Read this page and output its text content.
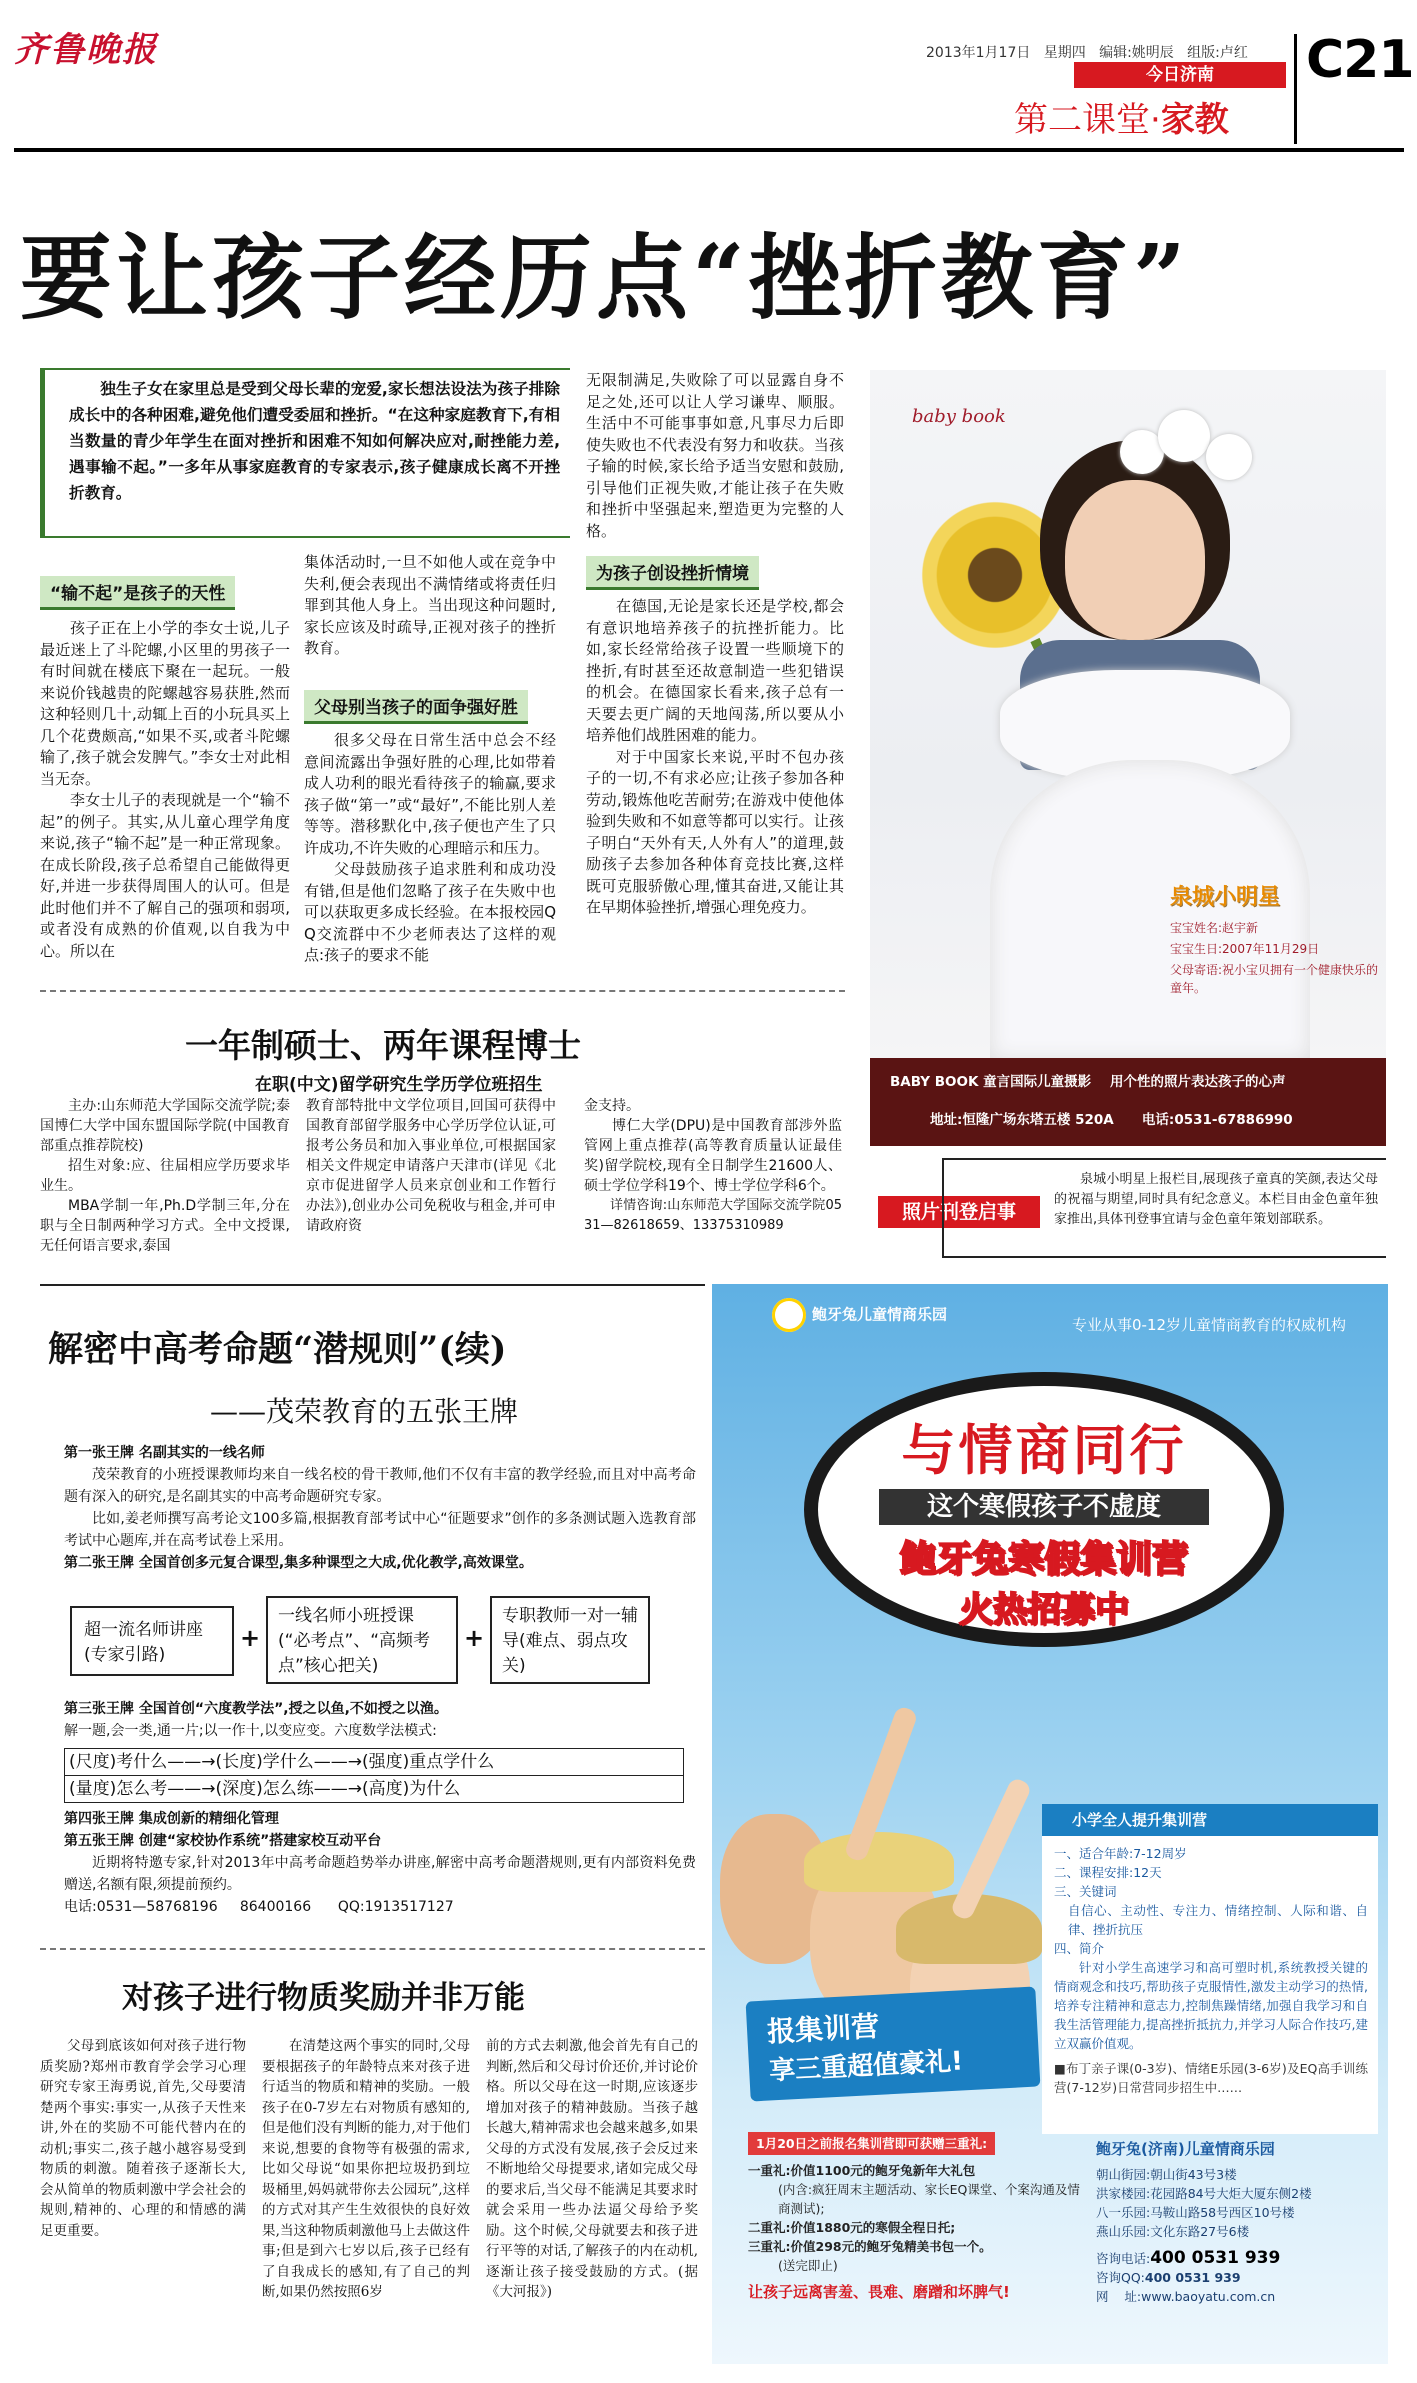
齐鲁晚报	2013年1月17日 星期四 编辑:姚明辰 组版:卢红 C21
今日济南
第二课堂·家教
要让孩子经历点“挫折教育”
独生子女在家里总是受到父母长辈的宠爱,家长想法设法为孩子排除成长中的各种困难,避免他们遭受委屈和挫折。“在这种家庭教育下,有相当数量的青少年学生在面对挫折和困难不知如何解决应对,耐挫能力差,遇事输不起。”一多年从事家庭教育的专家表示,孩子健康成长离不开挫折教育。
“输不起”是孩子的天性

孩子正在上小学的李女士说,儿子最近迷上了斗陀螺,小区里的男孩子一有时间就在楼底下聚在一起玩。一般来说价钱越贵的陀螺越容易获胜,然而这种轻则几十,动辄上百的小玩具买上几个花费颇高,“如果不买,或者斗陀螺输了,孩子就会发脾气。”李女士对此相当无奈。

李女士儿子的表现就是一个“输不起”的例子。其实,从儿童心理学角度来说,孩子“输不起”是一种正常现象。在成长阶段,孩子总希望自己能做得更好,并进一步获得周围人的认可。但是此时他们并不了解自己的强项和弱项,或者没有成熟的价值观,以自我为中心。所以在

集体活动时,一旦不如他人或在竞争中失利,便会表现出不满情绪或将责任归罪到其他人身上。当出现这种问题时,家长应该及时疏导,正视对孩子的挫折教育。

父母别当孩子的面争强好胜

很多父母在日常生活中总会不经意间流露出争强好胜的心理,比如带着成人功利的眼光看待孩子的输赢,要求孩子做“第一”或“最好”,不能比别人差等等。潜移默化中,孩子便也产生了只许成功,不许失败的心理暗示和压力。

父母鼓励孩子追求胜利和成功没有错,但是他们忽略了孩子在失败中也可以获取更多成长经验。在本报校园QQ交流群中不少老师表达了这样的观点:孩子的要求不能

无限制满足,失败除了可以显露自身不足之处,还可以让人学习谦卑、顺服。生活中不可能事事如意,凡事尽力后即使失败也不代表没有努力和收获。当孩子输的时候,家长给予适当安慰和鼓励,引导他们正视失败,才能让孩子在失败和挫折中坚强起来,塑造更为完整的人格。

为孩子创设挫折情境

在德国,无论是家长还是学校,都会有意识地培养孩子的抗挫折能力。比如,家长经常给孩子设置一些顺境下的挫折,有时甚至还故意制造一些犯错误的机会。在德国家长看来,孩子总有一天要去更广阔的天地闯荡,所以要从小培养他们战胜困难的能力。

对于中国家长来说,平时不包办孩子的一切,不有求必应;让孩子参加各种劳动,锻炼他吃苦耐劳;在游戏中使他体验到失败和不如意等都可以实行。让孩子明白“天外有天,人外有人”的道理,鼓励孩子去参加各种体育竞技比赛,这样既可克服骄傲心理,懂其奋进,又能让其在早期体验挫折,增强心理免疫力。

baby book
泉城小明星
宝宝姓名:赵宇新
宝宝生日:2007年11月29日
父母寄语:祝小宝贝拥有一个健康快乐的童年。
BABY BOOK 童言国际儿童摄影    用个性的照片表达孩子的心声
地址:恒隆广场东塔五楼 520A      电话:0531-67886990
照片刊登启事
泉城小明星上报栏目,展现孩子童真的笑颜,表达父母的祝福与期望,同时具有纪念意义。本栏目由金色童年独家推出,具体刊登事宜请与金色童年策划部联系。
一年制硕士、两年课程博士
在职(中文)留学研究生学历学位班招生

主办:山东师范大学国际交流学院;泰国博仁大学中国东盟国际学院(中国教育部重点推荐院校)

招生对象:应、往届相应学历要求毕业生。

MBA学制一年,Ph.D学制三年,分在职与全日制两种学习方式。全中文授课,无任何语言要求,泰国

教育部特批中文学位项目,回国可获得中国教育部留学服务中心学历学位认证,可报考公务员和加入事业单位,可根据国家相关文件规定申请落户天津市(详见《北京市促进留学人员来京创业和工作暂行办法》),创业办公司免税收与租金,并可申请政府资

金支持。

博仁大学(DPU)是中国教育部涉外监管网上重点推荐(高等教育质量认证最佳奖)留学院校,现有全日制学生21600人、硕士学位学科19个、博士学位学科6个。

详情咨询:山东师范大学国际交流学院0531—82618659、13375310989

解密中高考命题“潜规则”(续)
——茂荣教育的五张王牌
第一张王牌 名副其实的一线名师

茂荣教育的小班授课教师均来自一线名校的骨干教师,他们不仅有丰富的教学经验,而且对中高考命题有深入的研究,是名副其实的中高考命题研究专家。

比如,姜老师撰写高考论文100多篇,根据教育部考试中心“征题要求”创作的多条测试题入选教育部考试中心题库,并在高考试卷上采用。

第二张王牌 全国首创多元复合课型,集多种课型之大成,优化教学,高效课堂。
超一流名师讲座(专家引路)
+
一线名师小班授课(“必考点”、“高频考点”核心把关)
+
专职教师一对一辅导(难点、弱点攻关)
第三张王牌 全国首创“六度教学法”,授之以鱼,不如授之以渔。
解一题,会一类,通一片;以一作十,以变应变。六度数学法模式:
(尺度)考什么——→(长度)学什么——→(强度)重点学什么
(量度)怎么考——→(深度)怎么练——→(高度)为什么
第四张王牌 集成创新的精细化管理
第五张王牌 创建“家校协作系统”搭建家校互动平台

近期将特邀专家,针对2013年中高考命题趋势举办讲座,解密中高考命题潜规则,更有内部资料免费赠送,名额有限,须提前预约。

电话:0531—58768196     86400166      QQ:1913517127
对孩子进行物质奖励并非万能

父母到底该如何对孩子进行物质奖励?郑州市教育学会学习心理研究专家王海勇说,首先,父母要清楚两个事实:事实一,从孩子天性来讲,外在的奖励不可能代替内在的动机;事实二,孩子越小越容易受到物质的刺激。随着孩子逐渐长大,会从简单的物质刺激中学会社会的规则,精神的、心理的和情感的满足更重要。

在清楚这两个事实的同时,父母要根据孩子的年龄特点来对孩子进行适当的物质和精神的奖励。一般孩子在0-7岁左右对物质有感知的,但是他们没有判断的能力,对于他们来说,想要的食物等有极强的需求,比如父母说“如果你把垃圾扔到垃圾桶里,妈妈就带你去公园玩”,这样的方式对其产生生效很快的良好效果,当这种物质刺激他马上去做这件事;但是到六七岁以后,孩子已经有了自我成长的感知,有了自己的判断,如果仍然按照6岁

前的方式去刺激,他会首先有自己的判断,然后和父母讨价还价,并讨论价格。所以父母在这一时期,应该逐步增加对孩子的精神鼓励。当孩子越长越大,精神需求也会越来越多,如果父母的方式没有发展,孩子会反过来不断地给父母提要求,诸如完成父母的要求后,当父母不能满足其要求时就会采用一些办法逼父母给予奖励。这个时候,父母就要去和孩子进行平等的对话,了解孩子的内在动机,逐渐让孩子接受鼓励的方式。(据《大河报》)

鲍牙兔儿童情商乐园
专业从事0-12岁儿童情商教育的权威机构
与情商同行
这个寒假孩子不虚度
鲍牙兔寒假集训营
火热招募中
小学全人提升集训营
一、适合年龄:7-12周岁
二、课程安排:12天
三、关键词
自信心、主动性、专注力、情绪控制、人际和谐、自律、挫折抗压
四、简介

针对小学生高速学习和高可塑时机,系统教授关键的情商观念和技巧,帮助孩子克服情性,激发主动学习的热情,培养专注精神和意志力,控制焦躁情绪,加强自我学习和自我生活管理能力,提高挫折抵抗力,并学习人际合作技巧,建立双赢价值观。

■布丁亲子课(0-3岁)、情绪E乐园(3-6岁)及EQ高手训练营(7-12岁)日常营同步招生中……
报集训营
享三重超值豪礼!
1月20日之前报名集训营即可获赠三重礼:
一重礼:价值1100元的鲍牙兔新年大礼包
(内含:疯狂周末主题活动、家长EQ课堂、个案沟通及情商测试);
二重礼:价值1880元的寒假全程日托;
三重礼:价值298元的鲍牙兔精美书包一个。
(送完即止)
让孩子远离害羞、畏难、磨蹭和坏脾气!
鲍牙兔(济南)儿童情商乐园
朝山街园:朝山街43号3楼
洪家楼园:花园路84号大炬大厦东侧2楼
八一乐园:马鞍山路58号西区10号楼
燕山乐园:文化东路27号6楼
咨询电话:400 0531 939
咨询QQ:400 0531 939
网    址:www.baoyatu.com.cn
